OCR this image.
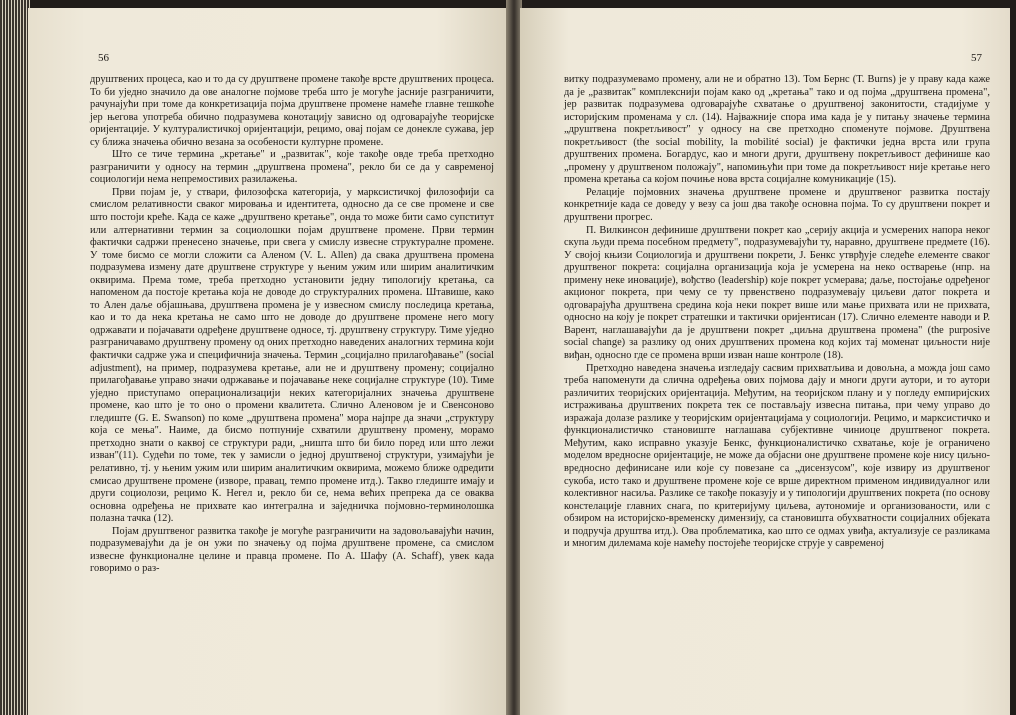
56

друштвених процеса, као и то да су друштвене промене такође врсте друштвених процеса. То би уједно значило да ове аналогне појмове треба што је могуће јасније разграничити, рачунајући при томе да конкретизација појма друштвене промене намеће главне тешкоће јер његова употреба обично подразумева конотацију зависно од одговарајуће теоријске оријентације. У културалистичкој оријентацији, рецимо, овај појам се донекле сужава, јер су ближа значења обично везана за особености културне промене.

Што се тиче термина „кретање" и „развитак", које такође овде треба претходно разграничити у односу на термин „друштвена промена", рекло би се да у савременој социологији нема непремостивих разилажења.

Први појам је, у ствари, филозофска категорија, у марксистичкој филозофији са смислом релативности сваког мировања и идентитета, односно да се све промене и све што постоји креће. Када се каже „друштвено кретање", онда то може бити само супститут или алтернативни термин за социолошки појам друштвене промене. Први термин фактички садржи пренесено значење, при свега у смислу извесне структуралне промене. У томе бисмо се могли сложити са Аленом (V. L. Allen) да свака друштвена промена подразумева измену дате друштвене структуре у њеним ужим или ширим аналитичким оквирима. Према томе, треба претходно установити једну типологију кретања, са напоменом да постоје кретања која не доводе до структуралних промена. Штавише, како то Ален даље објашњава, друштвена промена је у извесном смислу последица кретања, као и то да нека кретања не само што не доводе до друштвене промене него могу одржавати и појачавати одређене друштвене односе, тј. друштвену структуру. Тиме уједно разграничавамо друштвену промену од оних претходно наведених аналогних термина који фактички садрже ужа и специфичнија значења. Термин „социјално прилагођавање" (social adjustment), на пример, подразумева кретање, али не и друштвену промену; социјално прилагођавање управо значи одржавање и појачавање неке социјалне структуре (10). Тиме уједно приступамо операционализацији неких категоријалних значења друштвене промене, као што је то оно о промени квалитета. Слично Аленовом је и Свенсоново гледиште (G. E. Swanson) по коме „друштвена промена" мора најпре да значи „структуру која се мења". Наиме, да бисмо потпуније схватили друштвену промену, морамо претходно знати о каквој се структури ради, „ништа што би било поред или што лежи изван"(11). Судећи по томе, тек у замисли о једној друштвеној структури, узимајући је релативно, тј. у њеним ужим или ширим аналитичким оквирима, можемо ближе одредити смисао друштвене промене (изворе, правац, темпо промене итд.). Такво гледиште имају и други социолози, рецимо К. Негел и, рекло би се, нема већих препрека да се оваква основна одређења не прихвате као интегрална и заједничка појмовно-терминолошка полазна тачка (12).

Појам друштвеног развитка такође је могуће разграничити на задовољавајући начин, подразумевајући да је он ужи по значењу од појма друштвене промене, са смислом извесне функционалне целине и правца промене. По А. Шафу (A. Schaff), увек када говоримо о раз-

57

витку подразумевамо промену, али не и обратно 13). Том Бернс (T. Burns) је у праву када каже да је „развитак" комплекснији појам како од „кретања" тако и од појма „друштвена промена", јер развитак подразумева одговарајуће схватање о друштвеној законитости, стадијуме у историјским променама у сл. (14). Најважније спора има када је у питању значење термина „друштвена покретљивост" у односу на све претходно споменуте појмове. Друштвена покретљивост (the social mobility, la mobilité social) је фактички једна врста или група друштвених промена. Богардус, као и многи други, друштвену покретљивост дефинише као „промену у друштвеном положају", напомињући при томе да покретљивост није кретање него промена кретања са којом почиње нова врста социјалне комуникације (15).

Релације појмовних значења друштвене промене и друштвеног развитка постају конкретније када се доведу у везу са још два такође основна појма. То су друштвени покрет и друштвени прогрес.

П. Вилкинсон дефинише друштвени покрет као „серију акција и усмерених напора неког скупа људи према посебном предмету", подразумевајући ту, наравно, друштвене предмете (16). У својој књизи Социологија и друштвени покрети, Ј. Бенкс утврђује следеће елементе сваког друштвеног покрета: социјална организација која је усмерена на неко остварење (нпр. на примену неке иновације), вођство (leadership) које покрет усмерава; даље, постојање одређеног акционог покрета, при чему се ту првенствено подразумевају циљеви датог покрета и одговарајућа друштвена средина која неки покрет више или мање прихвата или не прихвата, односно на коју је покрет стратешки и тактички оријентисан (17). Слично елементе наводи и Р. Варент, наглашавајући да је друштвени покрет „циљна друштвена промена" (the purposive social change) за разлику од оних друштвених промена код којих тај моменат циљности није виђан, односно где се промена врши изван наше контроле (18).

Претходно наведена значења изгледају сасвим прихватљива и довољна, а можда још само треба напоменути да слична одређења ових појмова дају и многи други аутори, и то аутори различитих теоријских оријентација. Међутим, на теоријском плану и у погледу емпиријских истраживања друштвених покрета тек се постављају извесна питања, при чему управо до изражаја долазе разлике у теоријским оријентацијама у социологији. Рецимо, и марксистичко и функционалистичко становиште наглашава субјективне чиниоце друштвеног покрета. Међутим, како исправно указује Бенкс, функционалистичко схватање, које је ограничено моделом вредносне оријентације, не може да објасни оне друштвене промене које нису циљно-вредносно дефинисане или које су повезане са „дисензусом", које извиру из друштвеног сукоба, исто тако и друштвене промене које се врше директном применом индивидуалног или колективног насиља. Разлике се такође показују и у типологији друштвених покрета (по основу констелације главних снага, по критеријуму циљева, аутономије и организованости, или с обзиром на историјско-временску димензију, са становишта обухватности социјалних објеката и подручја друштва итд.). Ова проблематика, као што се одмах увиђа, актуализује се разликама и многим дилемама које намећу постојеће теоријске струје у савременој
